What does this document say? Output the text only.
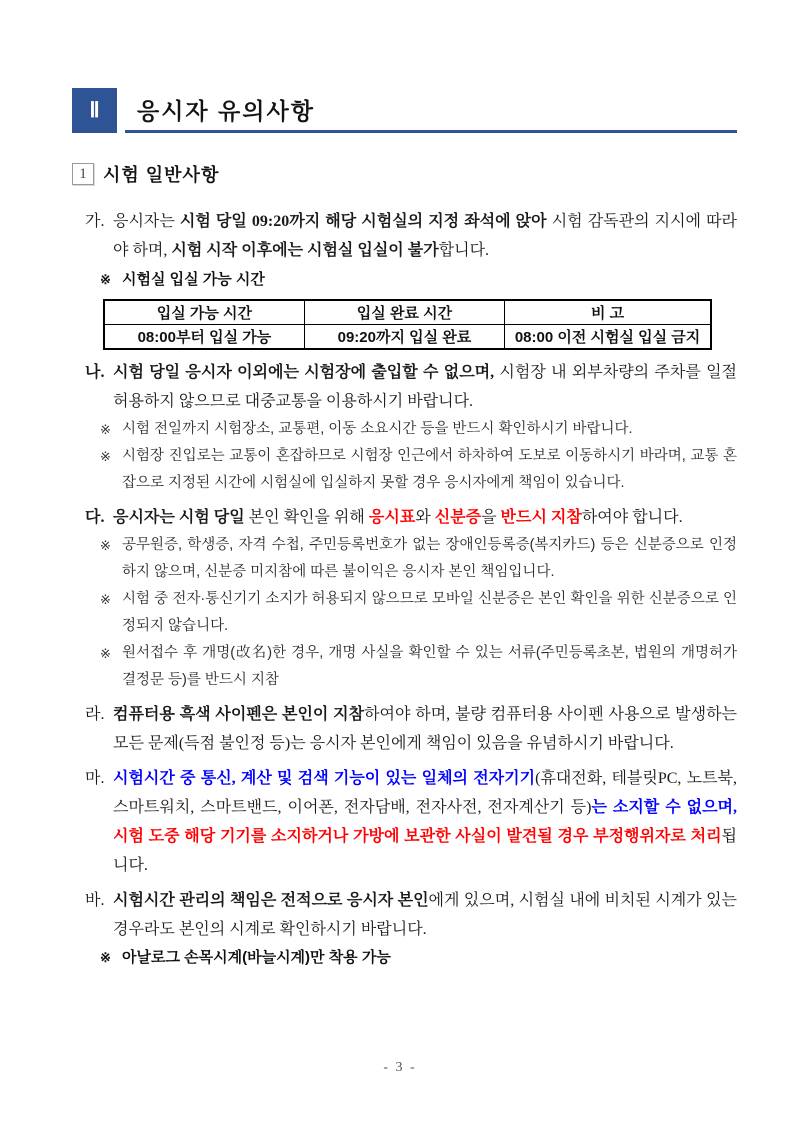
Ⅱ	응시자 유의사항
1 시험 일반사항
가. 응시자는 시험 당일 09:20까지 해당 시험실의 지정 좌석에 앉아 시험 감독관의 지시에 따라야 하며, 시험 시작 이후에는 시험실 입실이 불가합니다.
※ 시험실 입실 가능 시간
입실 가능 시간	입실 완료 시간	비 고
08:00부터 입실 가능	09:20까지 입실 완료	08:00 이전 시험실 입실 금지
나. 시험 당일 응시자 이외에는 시험장에 출입할 수 없으며, 시험장 내 외부차량의 주차를 일절 허용하지 않으므로 대중교통을 이용하시기 바랍니다.
※ 시험 전일까지 시험장소, 교통편, 이동 소요시간 등을 반드시 확인하시기 바랍니다.
※ 시험장 진입로는 교통이 혼잡하므로 시험장 인근에서 하차하여 도보로 이동하시기 바라며, 교통 혼잡으로 지정된 시간에 시험실에 입실하지 못할 경우 응시자에게 책임이 있습니다.
다. 응시자는 시험 당일 본인 확인을 위해 응시표와 신분증을 반드시 지참하여야 합니다.
※ 공무원증, 학생증, 자격 수첩, 주민등록번호가 없는 장애인등록증(복지카드) 등은 신분증으로 인정하지 않으며, 신분증 미지참에 따른 불이익은 응시자 본인 책임입니다.
※ 시험 중 전자·통신기기 소지가 허용되지 않으므로 모바일 신분증은 본인 확인을 위한 신분증으로 인정되지 않습니다.
※ 원서접수 후 개명(改名)한 경우, 개명 사실을 확인할 수 있는 서류(주민등록초본, 법원의 개명허가 결정문 등)를 반드시 지참
라. 컴퓨터용 흑색 사이펜은 본인이 지참하여야 하며, 불량 컴퓨터용 사이펜 사용으로 발생하는 모든 문제(득점 불인정 등)는 응시자 본인에게 책임이 있음을 유념하시기 바랍니다.
마. 시험시간 중 통신, 계산 및 검색 기능이 있는 일체의 전자기기(휴대전화, 테블릿PC, 노트북, 스마트워치, 스마트밴드, 이어폰, 전자담배, 전자사전, 전자계산기 등)는 소지할 수 없으며, 시험 도중 해당 기기를 소지하거나 가방에 보관한 사실이 발견될 경우 부정행위자로 처리됩니다.
바. 시험시간 관리의 책임은 전적으로 응시자 본인에게 있으며, 시험실 내에 비치된 시계가 있는 경우라도 본인의 시계로 확인하시기 바랍니다.
※ 아날로그 손목시계(바늘시계)만 착용 가능
- 3 -
